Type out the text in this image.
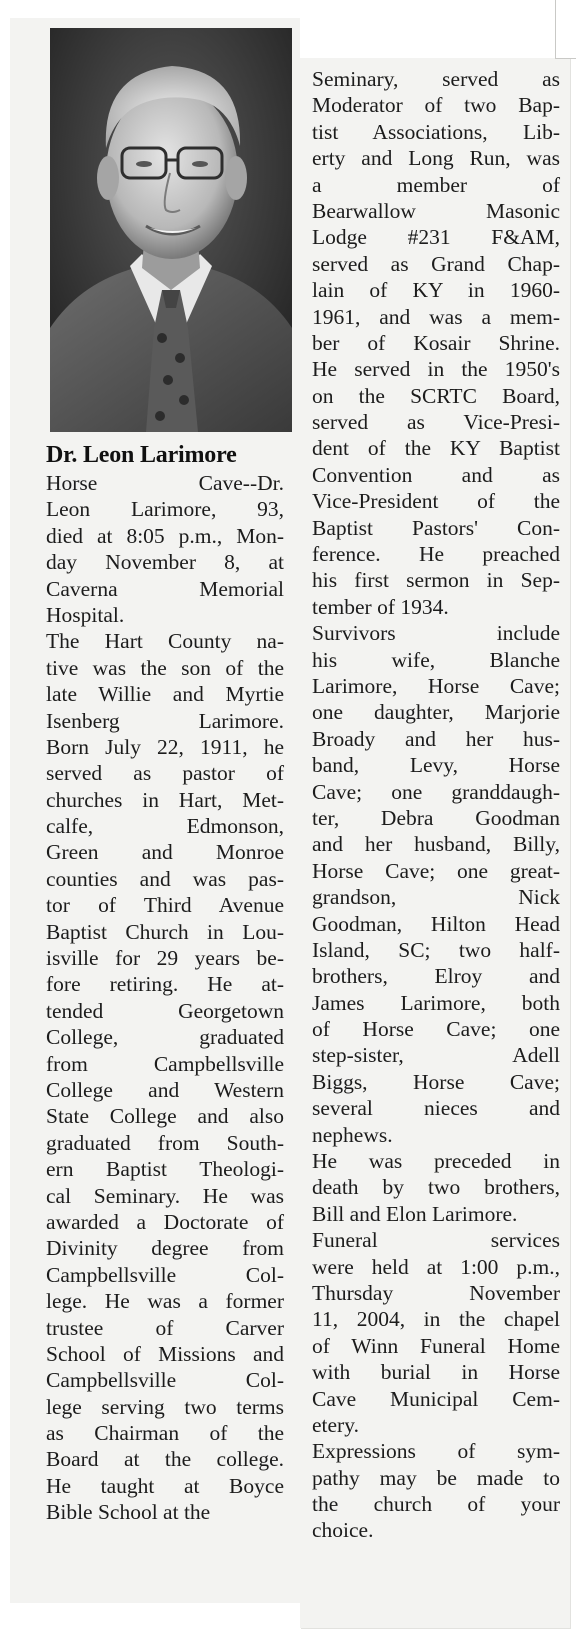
Dr. Leon Larimore

Horse Cave--Dr.
Leon Larimore, 93,
died at 8:05 p.m., Mon-
day November 8, at
Caverna Memorial
Hospital.

The Hart County na-
tive was the son of the
late Willie and Myrtie
Isenberg Larimore.
Born July 22, 1911, he
served as pastor of
churches in Hart, Met-
calfe, Edmonson,
Green and Monroe
counties and was pas-
tor of Third Avenue
Baptist Church in Lou-
isville for 29 years be-
fore retiring. He at-
tended Georgetown
College, graduated
from Campbellsville
College and Western
State College and also
graduated from South-
ern Baptist Theologi-
cal Seminary. He was
awarded a Doctorate of
Divinity degree from
Campbellsville Col-
lege. He was a former
trustee of Carver
School of Missions and
Campbellsville Col-
lege serving two terms
as Chairman of the
Board at the college.
He taught at Boyce
Bible School at the

Seminary, served as
Moderator of two Bap-
tist Associations, Lib-
erty and Long Run, was
a member of
Bearwallow Masonic
Lodge #231 F&AM,
served as Grand Chap-
lain of KY in 1960-
1961, and was a mem-
ber of Kosair Shrine.
He served in the 1950's
on the SCRTC Board,
served as Vice-Presi-
dent of the KY Baptist
Convention and as
Vice-President of the
Baptist Pastors' Con-
ference. He preached
his first sermon in Sep-
tember of 1934.

Survivors include
his wife, Blanche
Larimore, Horse Cave;
one daughter, Marjorie
Broady and her hus-
band, Levy, Horse
Cave; one granddaugh-
ter, Debra Goodman
and her husband, Billy,
Horse Cave; one great-
grandson, Nick
Goodman, Hilton Head
Island, SC; two half-
brothers, Elroy and
James Larimore, both
of Horse Cave; one
step-sister, Adell
Biggs, Horse Cave;
several nieces and
nephews.

He was preceded in
death by two brothers,
Bill and Elon Larimore.

Funeral services
were held at 1:00 p.m.,
Thursday November
11, 2004, in the chapel
of Winn Funeral Home
with burial in Horse
Cave Municipal Cem-
etery.

Expressions of sym-
pathy may be made to
the church of your
choice.
